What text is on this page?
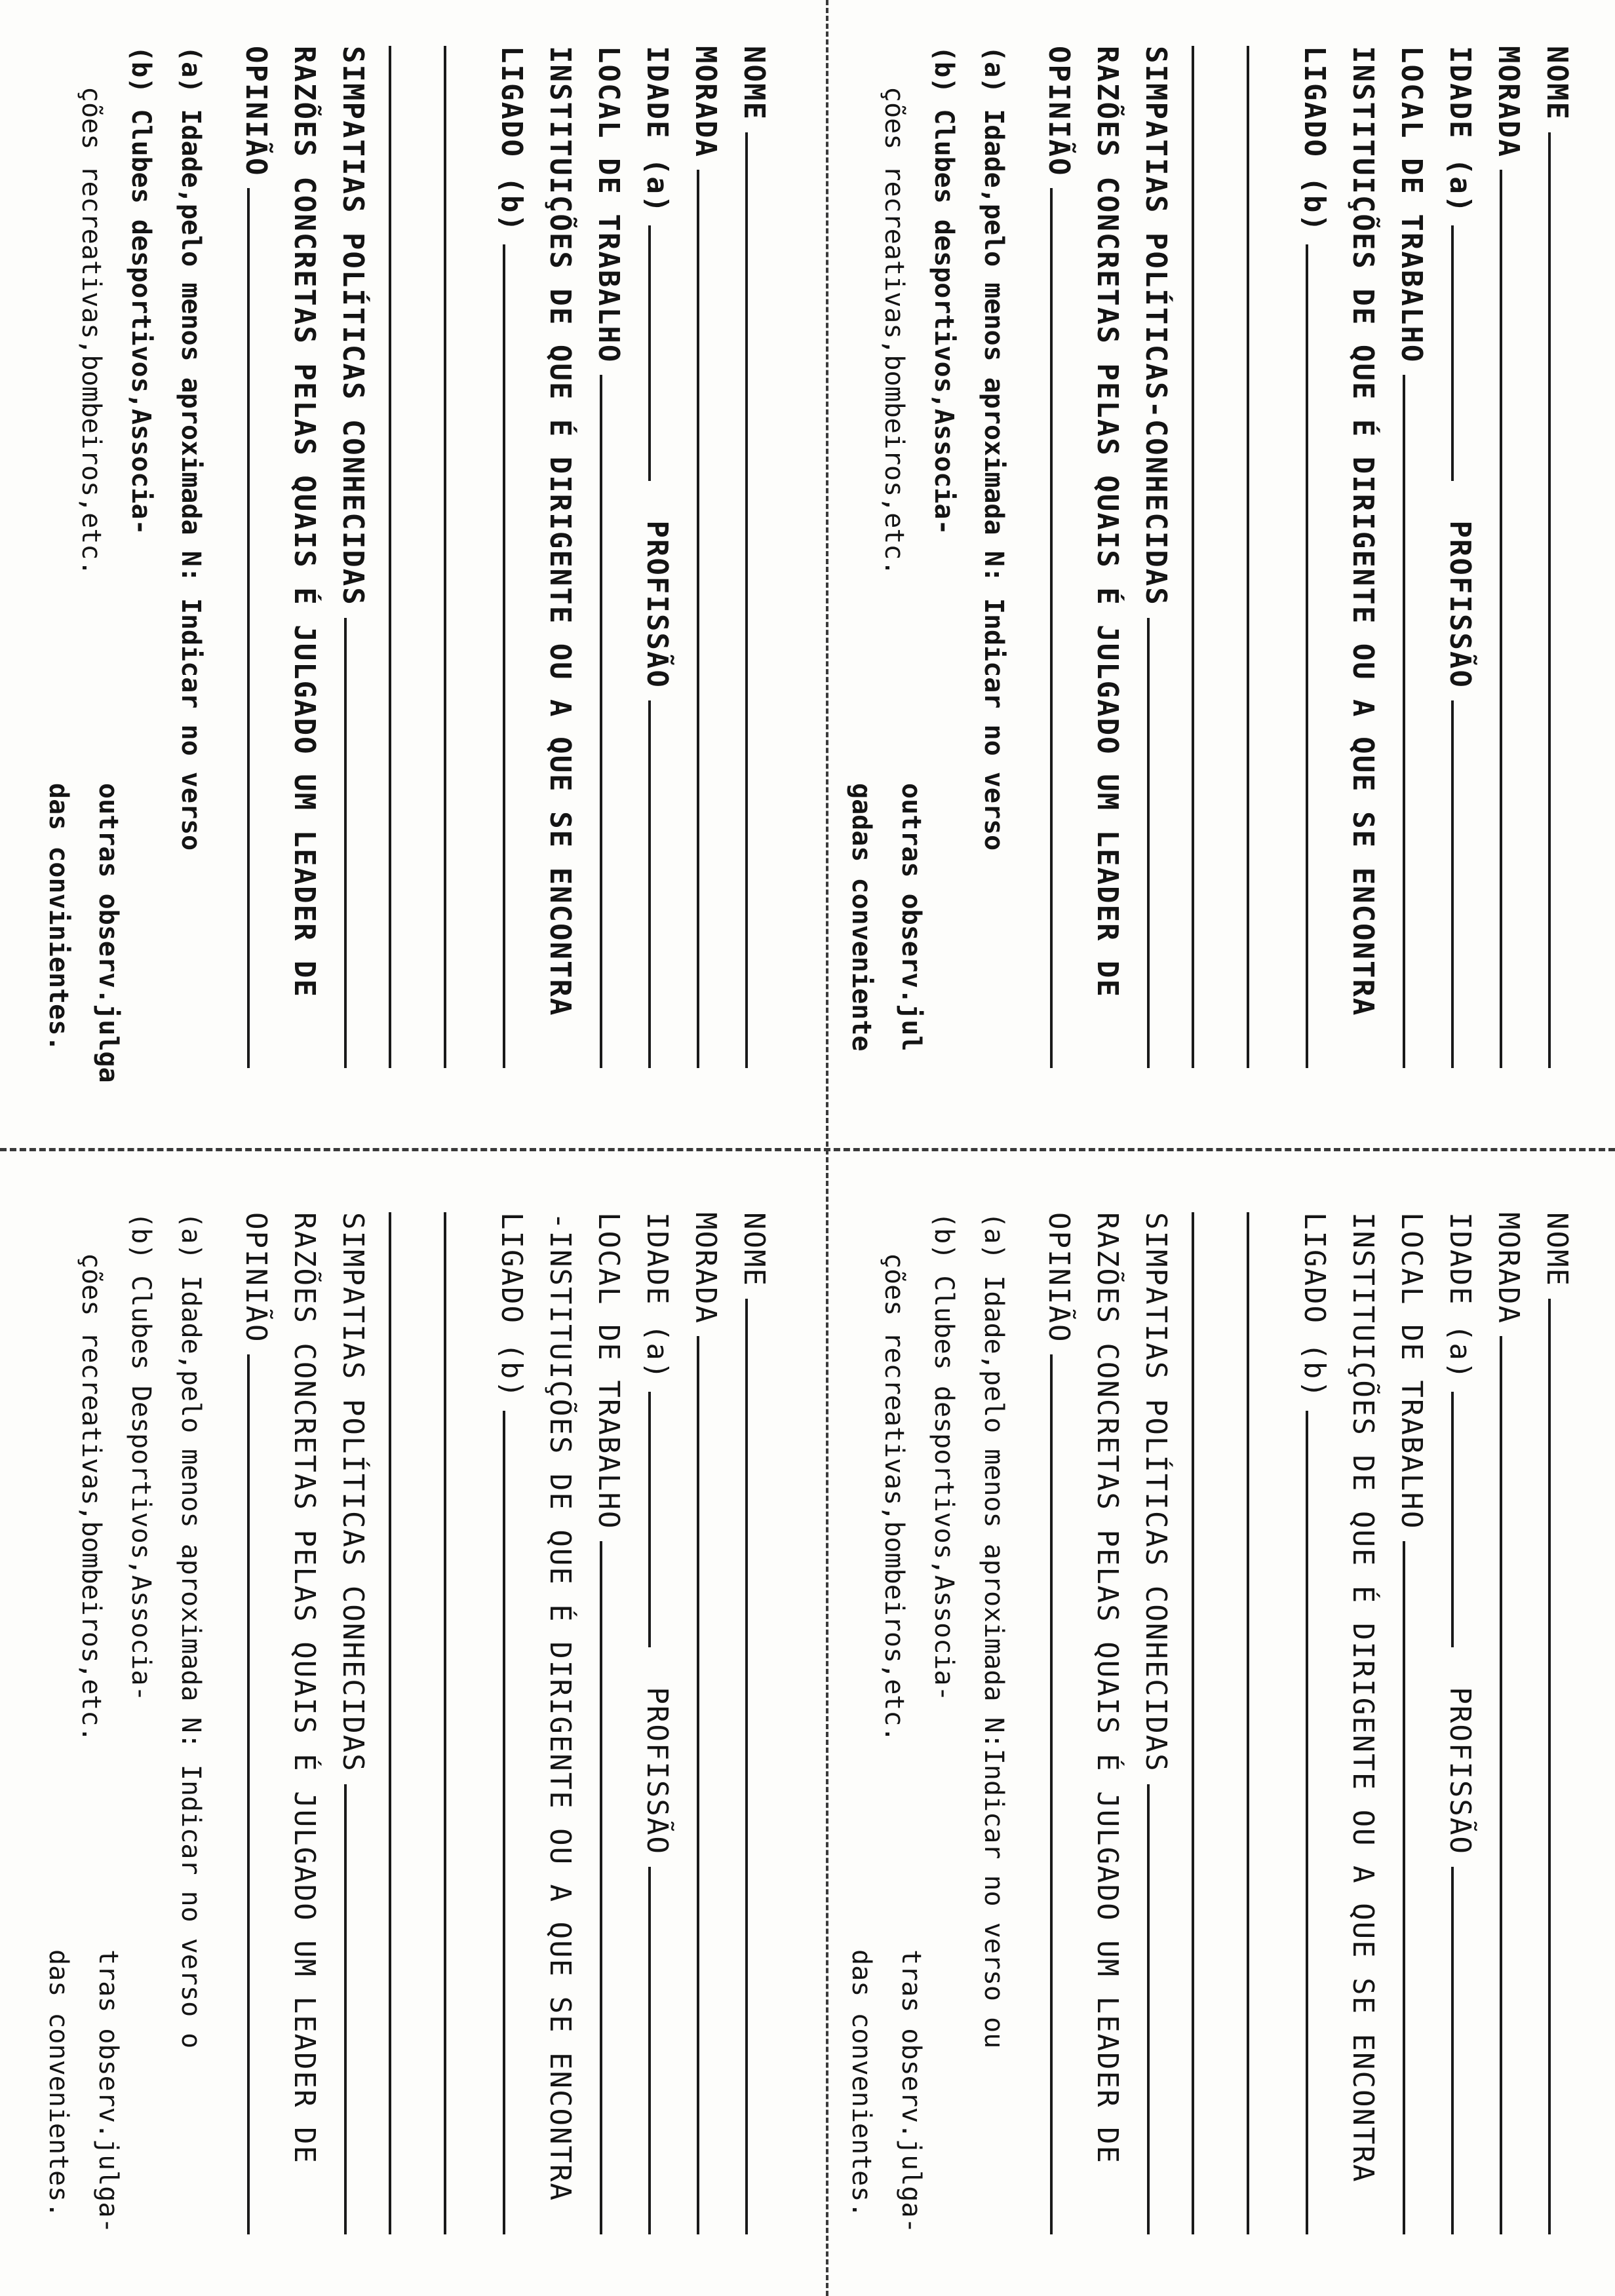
NOME
MORADA
IDADE (a)
PROFISSÃO
LOCAL DE TRABALHO
INSTITUIÇÕES DE QUE É DIRIGENTE OU A QUE SE ENCONTRA
LIGADO (b)
SIMPATIAS POLÍTICAS-CONHECIDAS
RAZÕES CONCRETAS PELAS QUAIS É JULGADO UM LEADER DE
OPINIÃO
(a) Idade,pelo menos aproximada N: Indicar no verso
(b) Clubes desportivos,Associa-
ções recreativas,bombeiros,etc.
outras observ.jul
gadas conveniente
NOME
MORADA
IDADE (a)
PROFISSÃO
LOCAL DE TRABALHO
INSTITUIÇÕES DE QUE É DIRIGENTE OU A QUE SE ENCONTRA
LIGADO (b)
SIMPATIAS POLÍTICAS CONHECIDAS
RAZÕES CONCRETAS PELAS QUAIS É JULGADO UM LEADER DE
OPINIÃO
(a) Idade,pelo menos aproximada N:Indicar no verso ou
(b) Clubes desportivos,Associa-
ções recreativas,bombeiros,etc.
tras observ.julga-
das convenientes.
NOME
MORADA
IDADE (a)
PROFISSÃO
LOCAL DE TRABALHO
INSTITUIÇÕES DE QUE É DIRIGENTE OU A QUE SE ENCONTRA
LIGADO (b)
SIMPATIAS POLÍTICAS CONHECIDAS
RAZÕES CONCRETAS PELAS QUAIS É JULGADO UM LEADER DE
OPINIÃO
(a) Idade,pelo menos aproximada N: Indicar no verso
(b) Clubes desportivos,Associa-
ções recreativas,bombeiros,etc.
outras observ.julga
das convinientes.
NOME
MORADA
IDADE (a)
PROFISSÃO
LOCAL DE TRABALHO
-INSTITUIÇÕES DE QUE É DIRIGENTE OU A QUE SE ENCONTRA
LIGADO (b)
SIMPATIAS POLÍTICAS CONHECIDAS
RAZÕES CONCRETAS PELAS QUAIS É JULGADO UM LEADER DE
OPINIÃO
(a) Idade,pelo menos aproximada N: Indicar no verso o
(b) Clubes Desportivos,Associa-
ções recreativas,bombeiros,etc.
tras observ.julga-
das convenientes.
